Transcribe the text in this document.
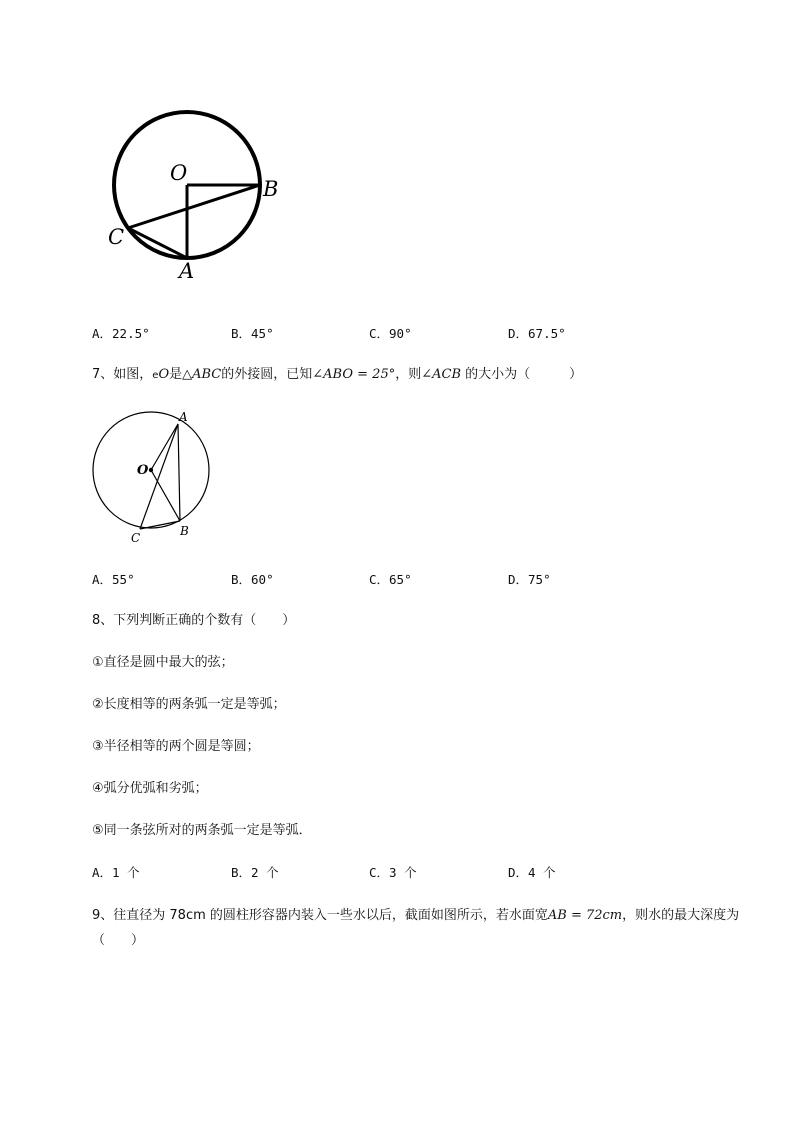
O
B
C
A
A．22.5°	B．45°	C．90°	D．67.5°
7、如图，eO是△ABC的外接圆，已知∠ABO = 25°，则∠ACB 的大小为（　　　）
A
O
B
C
A．55°	B．60°	C．65°	D．75°
8、下列判断正确的个数有（　　）
①直径是圆中最大的弦；
②长度相等的两条弧一定是等弧；
③半径相等的两个圆是等圆；
④弧分优弧和劣弧；
⑤同一条弦所对的两条弧一定是等弧．
A．1 个	B．2 个	C．3 个	D．4 个
9、往直径为 78cm 的圆柱形容器内装入一些水以后，截面如图所示，若水面宽AB = 72cm，则水的最大深度为（　　）
